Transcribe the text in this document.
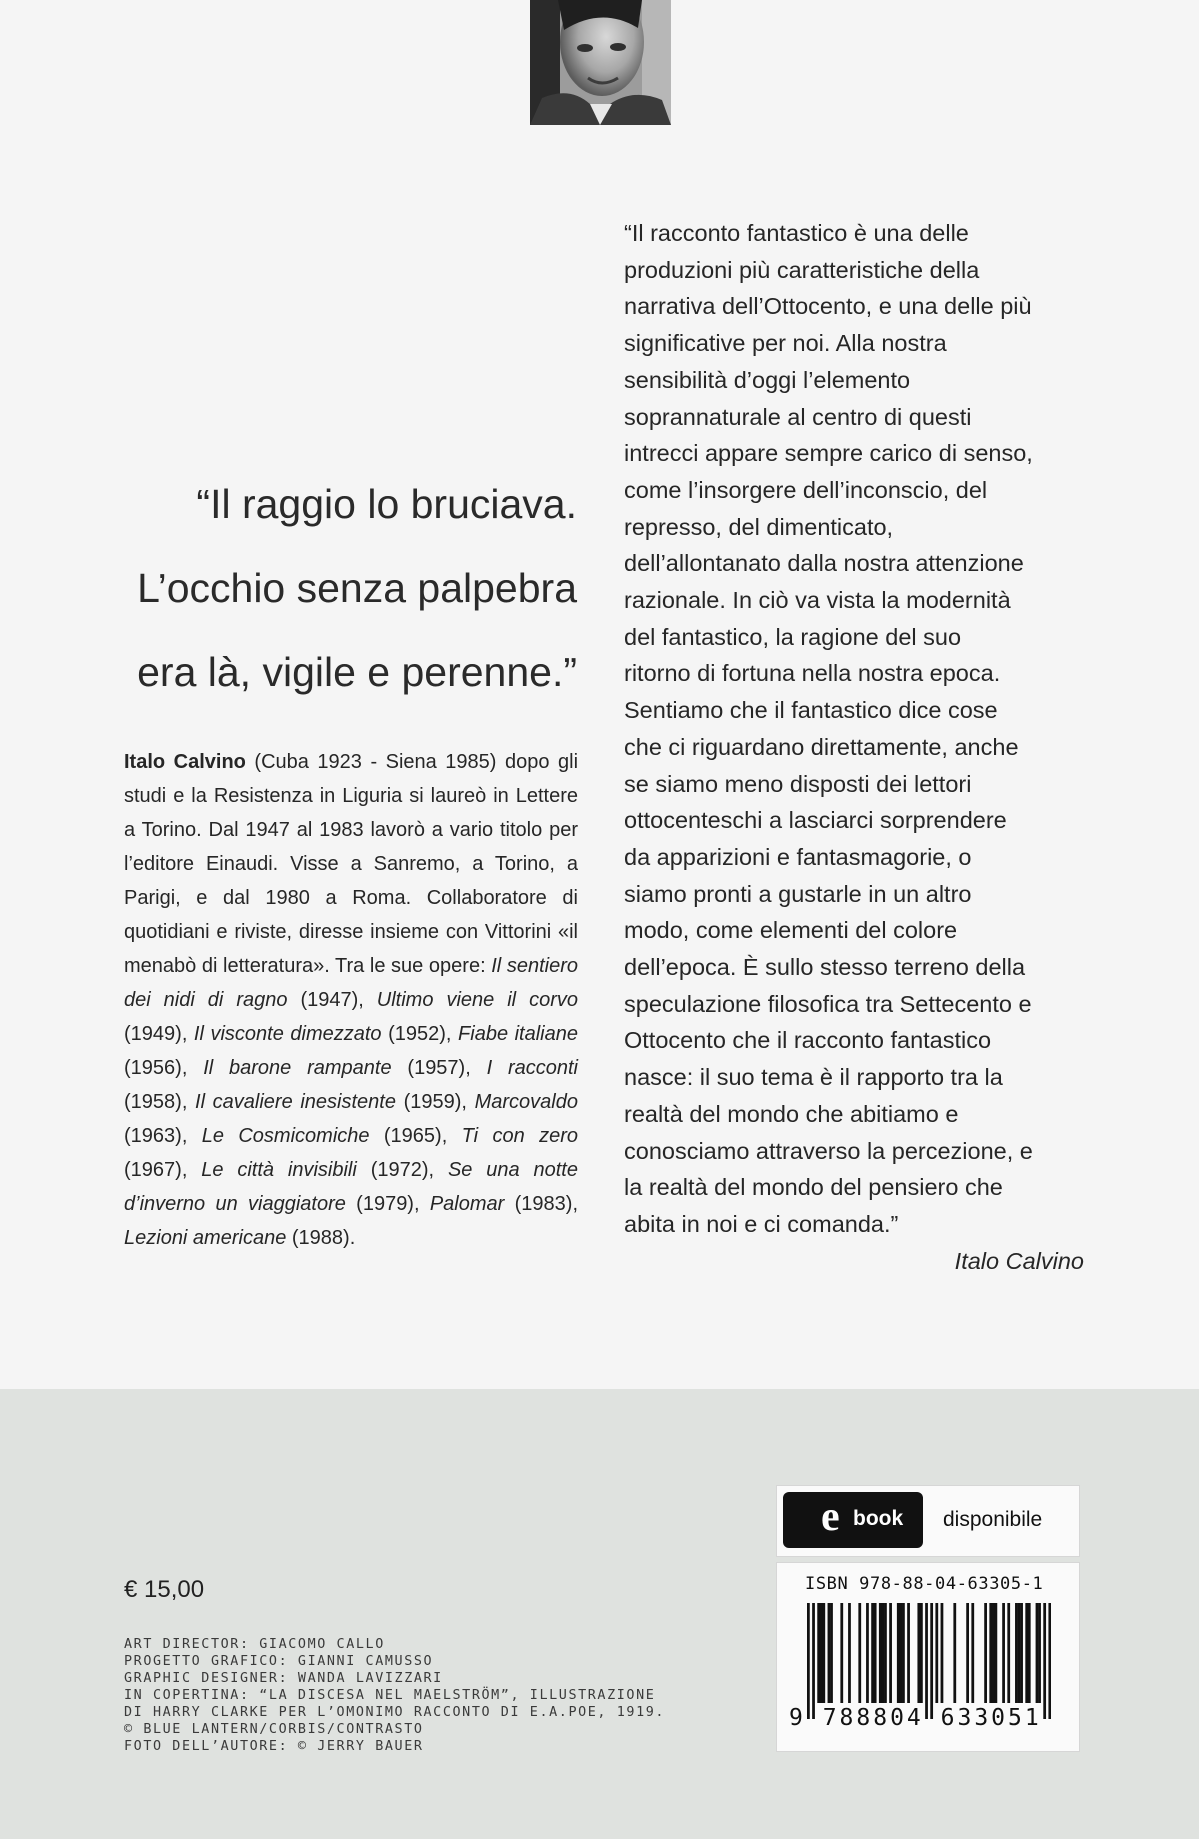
“Il raggio lo bruciava.
L’occhio senza palpebra
era là, vigile e perenne.”
Italo Calvino (Cuba 1923 - Siena 1985) dopo gli studi e la Resistenza in Liguria si laureò in Lettere a Torino. Dal 1947 al 1983 lavorò a vario titolo per l’editore Einaudi. Visse a Sanremo, a Torino, a Parigi, e dal 1980 a Roma. Collaboratore di quotidiani e riviste, diresse insieme con Vittorini «il menabò di letteratura». Tra le sue opere: Il sentiero dei nidi di ragno (1947), Ultimo viene il corvo (1949), Il visconte dimezzato (1952), Fiabe italiane (1956), Il barone rampante (1957), I racconti (1958), Il cavaliere inesistente (1959), Marcovaldo (1963), Le Cosmicomiche (1965), Ti con zero (1967), Le città invisibili (1972), Se una notte d’inverno un viaggiatore (1979), Palomar (1983), Lezioni americane (1988).
“Il racconto fantastico è una delle
produzioni più caratteristiche della
narrativa dell’Ottocento, e una delle più
significative per noi. Alla nostra
sensibilità d’oggi l’elemento
soprannaturale al centro di questi
intrecci appare sempre carico di senso,
come l’insorgere dell’inconscio, del
represso, del dimenticato,
dell’allontanato dalla nostra attenzione
razionale. In ciò va vista la modernità
del fantastico, la ragione del suo
ritorno di fortuna nella nostra epoca.
Sentiamo che il fantastico dice cose
che ci riguardano direttamente, anche
se siamo meno disposti dei lettori
ottocenteschi a lasciarci sorprendere
da apparizioni e fantasmagorie, o
siamo pronti a gustarle in un altro
modo, come elementi del colore
dell’epoca. È sullo stesso terreno della
speculazione filosofica tra Settecento e
Ottocento che il racconto fantastico
nasce: il suo tema è il rapporto tra la
realtà del mondo che abitiamo e
conosciamo attraverso la percezione, e
la realtà del mondo del pensiero che
abita in noi e ci comanda.”
Italo Calvino
€ 15,00
ART DIRECTOR: GIACOMO CALLO
PROGETTO GRAFICO: GIANNI CAMUSSO
GRAPHIC DESIGNER: WANDA LAVIZZARI
IN COPERTINA: “LA DISCESA NEL MAELSTRÖM”, ILLUSTRAZIONE
DI HARRY CLARKE PER L’OMONIMO RACCONTO DI E.A.POE, 1919.
© BLUE LANTERN/CORBIS/CONTRASTO
FOTO DELL’AUTORE: © JERRY BAUER
e book disponibile
ISBN 978-88-04-63305-1
9 788804 633051
